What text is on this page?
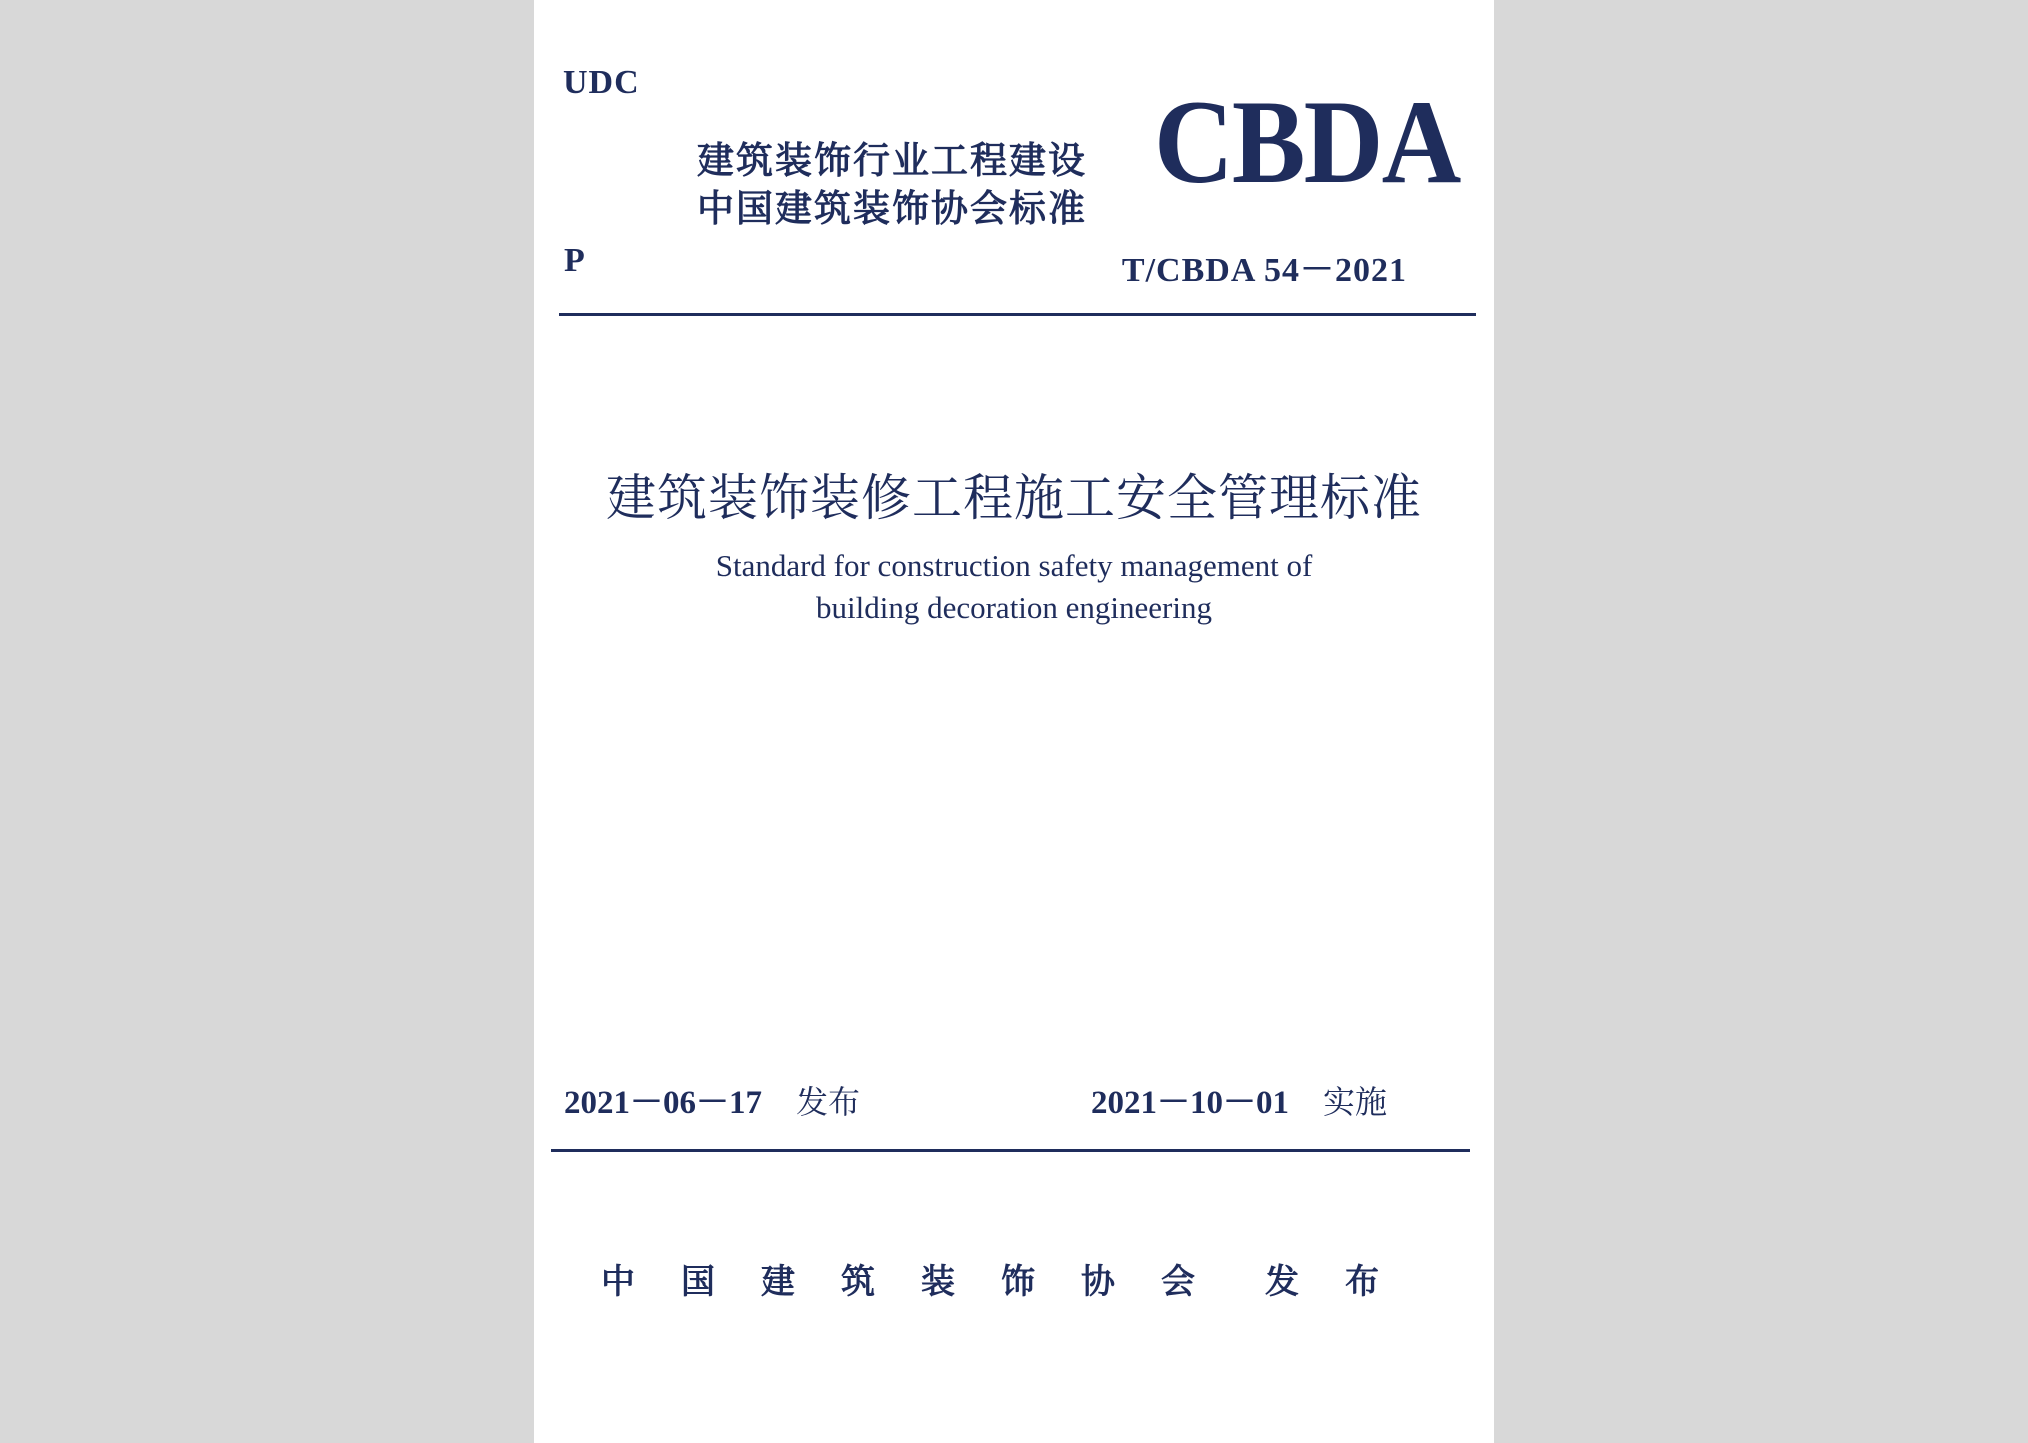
UDC
建筑装饰行业工程建设
中国建筑装饰协会标准
CBDA
P	T/CBDA 54－2021
建筑装饰装修工程施工安全管理标准
Standard for construction safety management of
building decoration engineering
2021－06－17 发布	2021－10－01 实施
中国建筑装饰协会 发布
